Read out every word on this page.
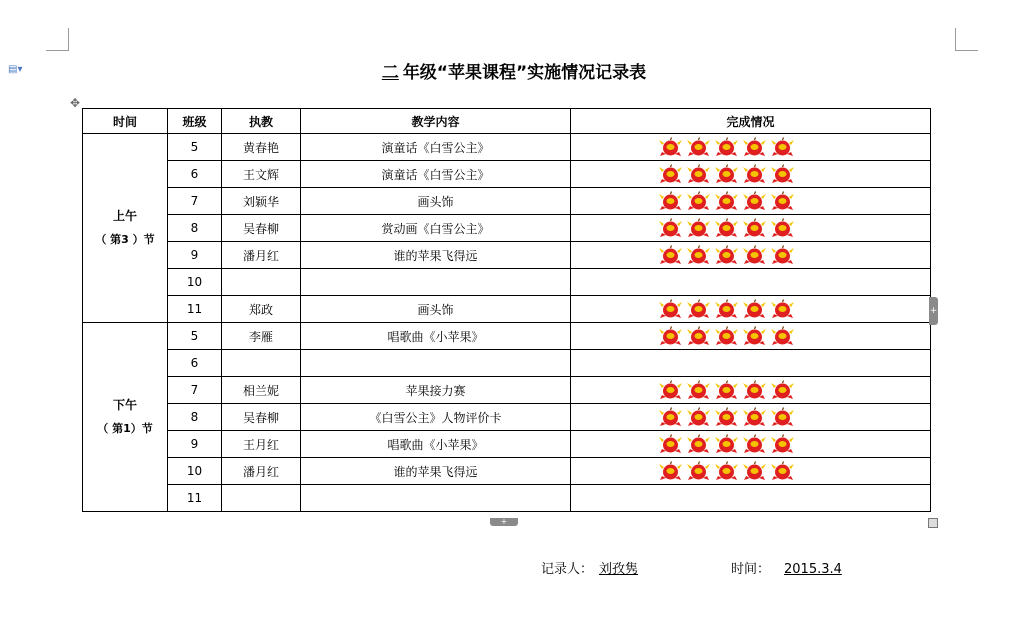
▤▾	二 年级“苹果课程”实施情况记录表
✥
时间	班级	执教	教学内容	完成情况

上午
（ 第3 ）节	5	黄春艳	演童话《白雪公主》	

	6	王文辉	演童话《白雪公主》	

	7	刘颖华	画头饰	

	8	吴春柳	赏动画《白雪公主》	

	9	潘月红	谁的苹果飞得远	

	10			

	11	郑政	画头饰	

下午
（ 第1）节	5	李雁	唱歌曲《小苹果》	

	6			

	7	相兰妮	苹果接力赛	

	8	吴春柳	《白雪公主》人物评价卡	

	9	王月红	唱歌曲《小苹果》	

	10	潘月红	谁的苹果飞得远	

	11			
+
+
记录人： 刘孜隽	时间： 2015.3.4
